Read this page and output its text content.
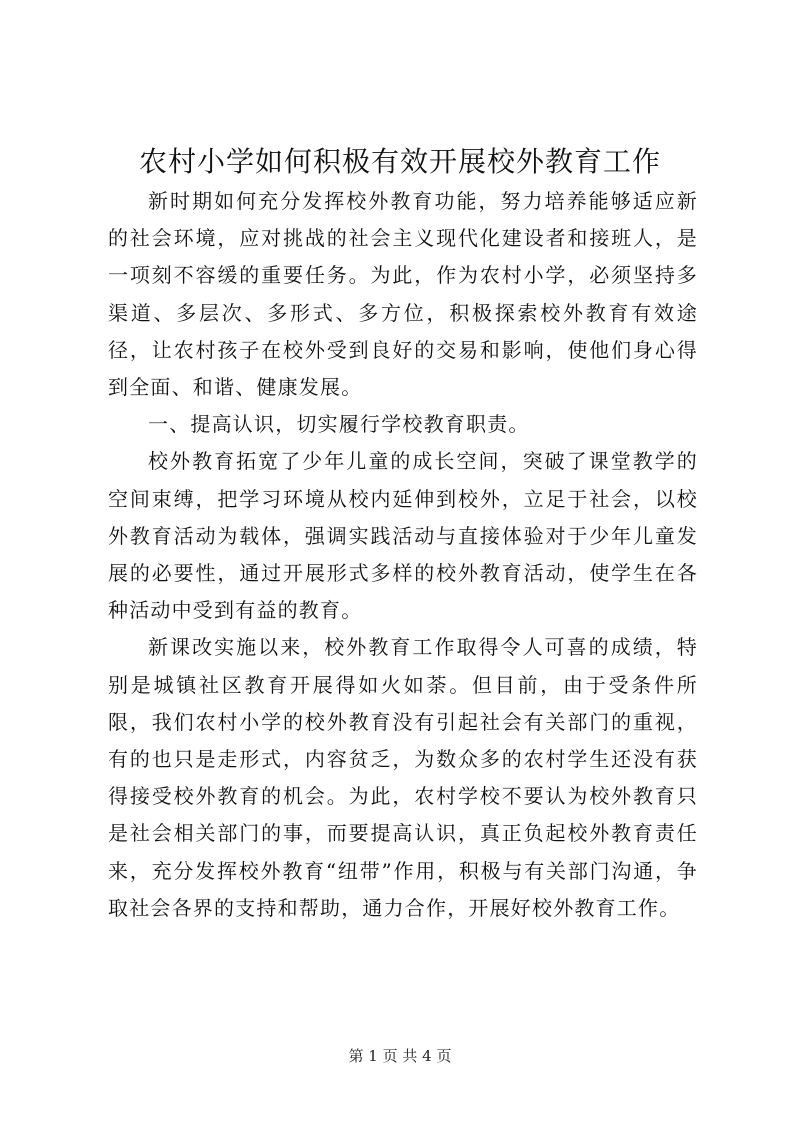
农村小学如何积极有效开展校外教育工作

新时期如何充分发挥校外教育功能，努力培养能够适应新的社会环境，应对挑战的社会主义现代化建设者和接班人，是一项刻不容缓的重要任务。为此，作为农村小学，必须坚持多渠道、多层次、多形式、多方位，积极探索校外教育有效途径，让农村孩子在校外受到良好的交易和影响，使他们身心得到全面、和谐、健康发展。

一、提高认识，切实履行学校教育职责。

校外教育拓宽了少年儿童的成长空间，突破了课堂教学的空间束缚，把学习环境从校内延伸到校外，立足于社会，以校外教育活动为载体，强调实践活动与直接体验对于少年儿童发展的必要性，通过开展形式多样的校外教育活动，使学生在各种活动中受到有益的教育。

新课改实施以来，校外教育工作取得令人可喜的成绩，特别是城镇社区教育开展得如火如荼。但目前，由于受条件所限，我们农村小学的校外教育没有引起社会有关部门的重视，有的也只是走形式，内容贫乏，为数众多的农村学生还没有获得接受校外教育的机会。为此，农村学校不要认为校外教育只是社会相关部门的事，而要提高认识，真正负起校外教育责任来，充分发挥校外教育“纽带”作用，积极与有关部门沟通，争取社会各界的支持和帮助，通力合作，开展好校外教育工作。

第 1 页 共 4 页
